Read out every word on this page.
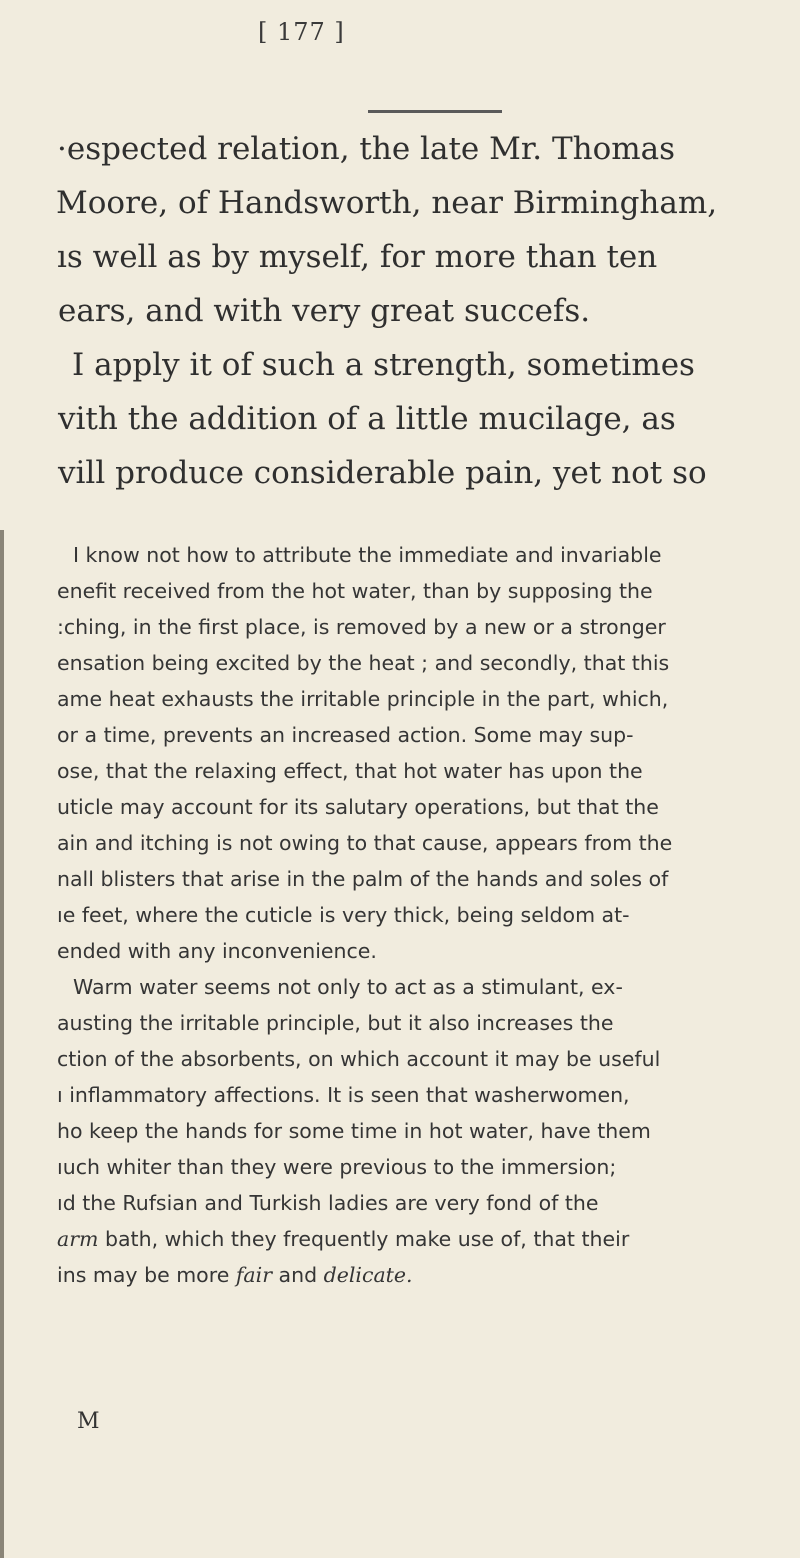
[ 177 ]
·espected relation, the late Mr. Thomas
Moore, of Handsworth, near Birmingham,
ıs well as by myself, for more than ten
ears, and with very great succefs.
I apply it of such a strength, sometimes
vith the addition of a little mucilage, as
vill produce considerable pain, yet not so
I know not how to attribute the immediate and invariable
enefit received from the hot water, than by supposing the
:ching, in the first place, is removed by a new or a stronger
ensation being excited by the heat ; and secondly, that this
ame heat exhausts the irritable principle in the part, which,
or a time, prevents an increased action. Some may sup-
ose, that the relaxing effect, that hot water has upon the
uticle may account for its salutary operations, but that the
ain and itching is not owing to that cause, appears from the
nall blisters that arise in the palm of the hands and soles of
ıe feet, where the cuticle is very thick, being seldom at-
ended with any inconvenience.
Warm water seems not only to act as a stimulant, ex-
austing the irritable principle, but it also increases the
ction of the absorbents, on which account it may be useful
ı inflammatory affections. It is seen that washerwomen,
ho keep the hands for some time in hot water, have them
ıuch whiter than they were previous to the immersion;
ıd the Rufsian and Turkish ladies are very fond of the
arm bath, which they frequently make use of, that their
ins may be more fair and delicate.
M
